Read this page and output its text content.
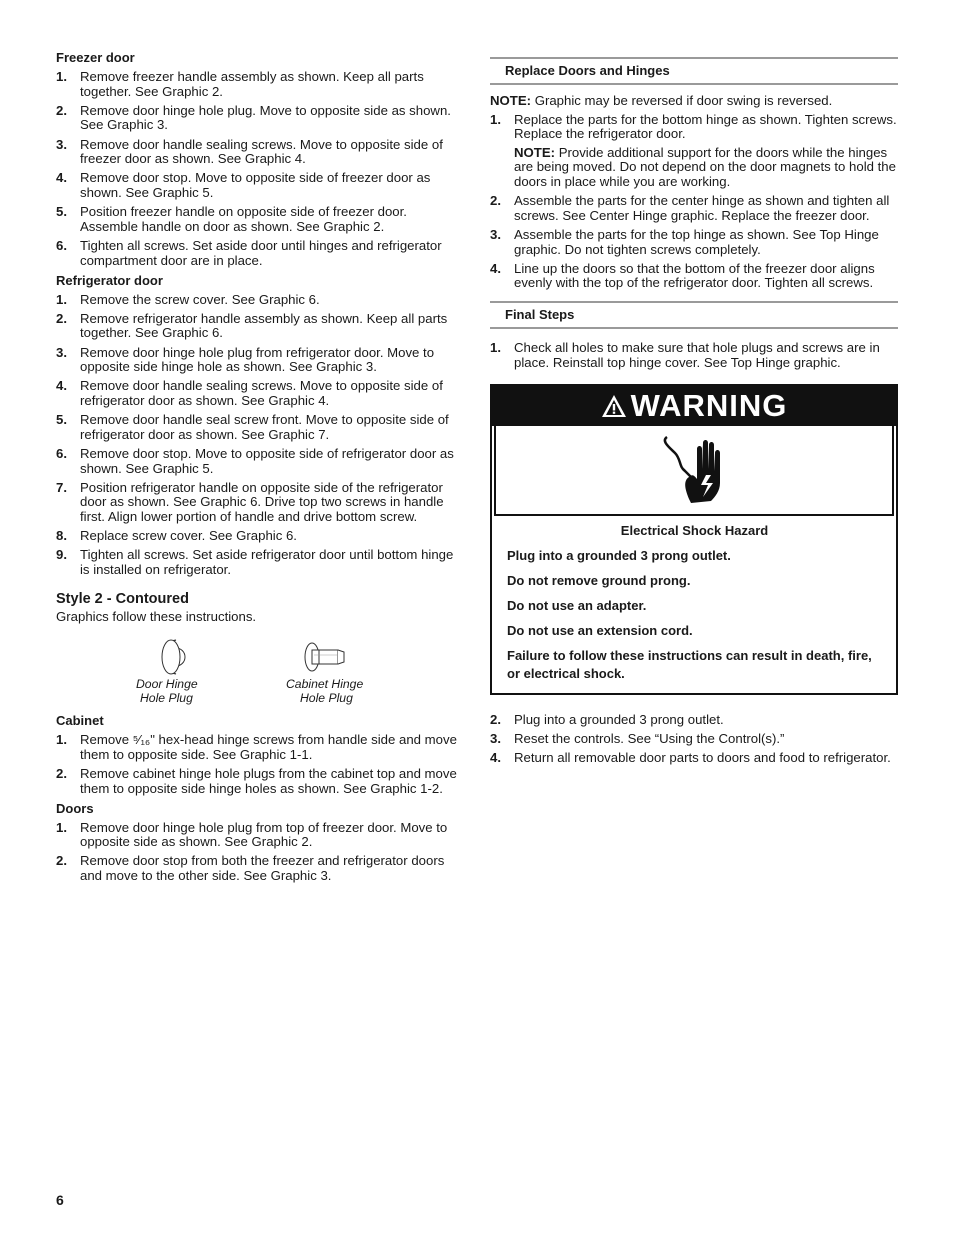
Freezer door
1. Remove freezer handle assembly as shown. Keep all parts together. See Graphic 2.
2. Remove door hinge hole plug. Move to opposite side as shown. See Graphic 3.
3. Remove door handle sealing screws. Move to opposite side of freezer door as shown. See Graphic 4.
4. Remove door stop. Move to opposite side of freezer door as shown. See Graphic 5.
5. Position freezer handle on opposite side of freezer door. Assemble handle on door as shown. See Graphic 2.
6. Tighten all screws. Set aside door until hinges and refrigerator compartment door are in place.
Refrigerator door
1. Remove the screw cover. See Graphic 6.
2. Remove refrigerator handle assembly as shown. Keep all parts together. See Graphic 6.
3. Remove door hinge hole plug from refrigerator door. Move to opposite side hinge hole as shown. See Graphic 3.
4. Remove door handle sealing screws. Move to opposite side of refrigerator door as shown. See Graphic 4.
5. Remove door handle seal screw front. Move to opposite side of refrigerator door as shown. See Graphic 7.
6. Remove door stop. Move to opposite side of refrigerator door as shown. See Graphic 5.
7. Position refrigerator handle on opposite side of the refrigerator door as shown. See Graphic 6. Drive top two screws in handle first. Align lower portion of handle and drive bottom screw.
8. Replace screw cover. See Graphic 6.
9. Tighten all screws. Set aside refrigerator door until bottom hinge is installed on refrigerator.
Style 2 - Contoured

Graphics follow these instructions.

Door Hinge
Hole Plug
Cabinet Hinge
Hole Plug
Cabinet
1. Remove ⁵⁄₁₆" hex-head hinge screws from handle side and move them to opposite side. See Graphic 1-1.
2. Remove cabinet hinge hole plugs from the cabinet top and move them to opposite side hinge holes as shown. See Graphic 1-2.
Doors
1. Remove door hinge hole plug from top of freezer door. Move to opposite side as shown. See Graphic 2.
2. Remove door stop from both the freezer and refrigerator doors and move to the other side. See Graphic 3.
Replace Doors and Hinges

NOTE: Graphic may be reversed if door swing is reversed.

1. Replace the parts for the bottom hinge as shown. Tighten screws. Replace the refrigerator door.
NOTE: Provide additional support for the doors while the hinges are being moved. Do not depend on the door magnets to hold the doors in place while you are working.
2. Assemble the parts for the center hinge as shown and tighten all screws. See Center Hinge graphic. Replace the freezer door.
3. Assemble the parts for the top hinge as shown. See Top Hinge graphic. Do not tighten screws completely.
4. Line up the doors so that the bottom of the freezer door aligns evenly with the top of the refrigerator door. Tighten all screws.
Final Steps
1. Check all holes to make sure that hole plugs and screws are in place. Reinstall top hinge cover. See Top Hinge graphic.
WARNING
Electrical Shock Hazard

Plug into a grounded 3 prong outlet.

Do not remove ground prong.

Do not use an adapter.

Do not use an extension cord.

Failure to follow these instructions can result in death, fire, or electrical shock.

2. Plug into a grounded 3 prong outlet.
3. Reset the controls. See “Using the Control(s).”
4. Return all removable door parts to doors and food to refrigerator.
6
